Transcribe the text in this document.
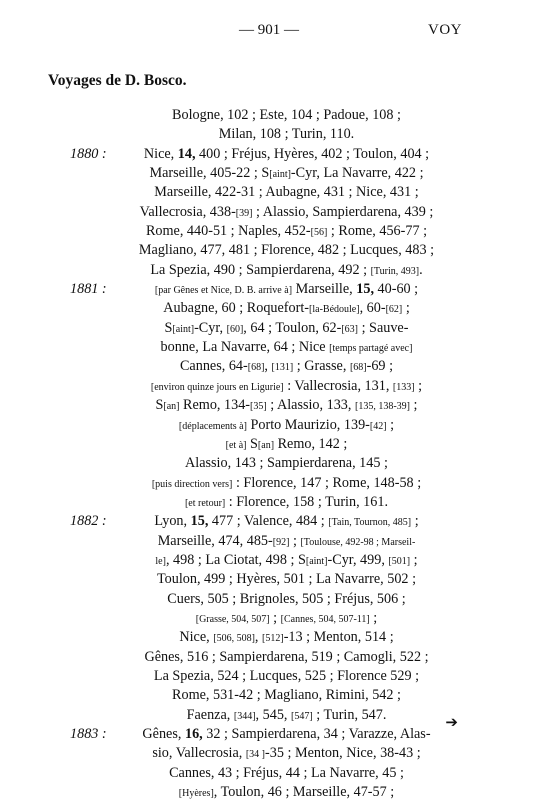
— 901 —	VOY
Voyages de D. Bosco.
Bologne, 102 ; Este, 104 ; Padoue, 108 ;
Milan, 108 ; Turin, 110.
1880 :	Nice, 14, 400 ; Fréjus, Hyères, 402 ; Toulon, 404 ;
Marseille, 405-22 ; S[aint]-Cyr, La Navarre, 422 ;
Marseille, 422-31 ; Aubagne, 431 ; Nice, 431 ;
Vallecrosia, 438-[39] ; Alassio, Sampierdarena, 439 ;
Rome, 440-51 ; Naples, 452-[56] ; Rome, 456-77 ;
Magliano, 477, 481 ; Florence, 482 ; Lucques, 483 ;
La Spezia, 490 ; Sampierdarena, 492 ; [Turin, 493].
1881 :	[par Gênes et Nice, D. B. arrive à] Marseille, 15, 40-60 ;
Aubagne, 60 ; Roquefort-[la-Bédoule], 60-[62] ;
S[aint]-Cyr, [60], 64 ; Toulon, 62-[63] ; Sauve-
bonne, La Navarre, 64 ; Nice [temps partagé avec]
Cannes, 64-[68], [131] ; Grasse, [68]-69 ;
[environ quinze jours en Ligurie] : Vallecrosia, 131, [133] ;
S[an] Remo, 134-[35] ; Alassio, 133, [135, 138-39] ;
[déplacements à] Porto Maurizio, 139-[42] ;
[et à] S[an] Remo, 142 ;
Alassio, 143 ; Sampierdarena, 145 ;
[puis direction vers] : Florence, 147 ; Rome, 148-58 ;
[et retour] : Florence, 158 ; Turin, 161.
1882 :	Lyon, 15, 477 ; Valence, 484 ; [Tain, Tournon, 485] ;
Marseille, 474, 485-[92] ; [Toulouse, 492-98 ; Marseil-
le], 498 ; La Ciotat, 498 ; S[aint]-Cyr, 499, [501] ;
Toulon, 499 ; Hyères, 501 ; La Navarre, 502 ;
Cuers, 505 ; Brignoles, 505 ; Fréjus, 506 ;
[Grasse, 504, 507] ; [Cannes, 504, 507-11] ;
Nice, [506, 508], [512]-13 ; Menton, 514 ;
Gênes, 516 ; Sampierdarena, 519 ; Camogli, 522 ;
La Spezia, 524 ; Lucques, 525 ; Florence 529 ;
Rome, 531-42 ; Magliano, Rimini, 542 ;
Faenza, [344], 545, [547] ; Turin, 547.
1883 :	Gênes, 16, 32 ; Sampierdarena, 34 ; Varazze, Alas-
sio, Vallecrosia, [34 ]-35 ; Menton, Nice, 38-43 ;
Cannes, 43 ; Fréjus, 44 ; La Navarre, 45 ;
[Hyères], Toulon, 46 ; Marseille, 47-57 ;
➔
